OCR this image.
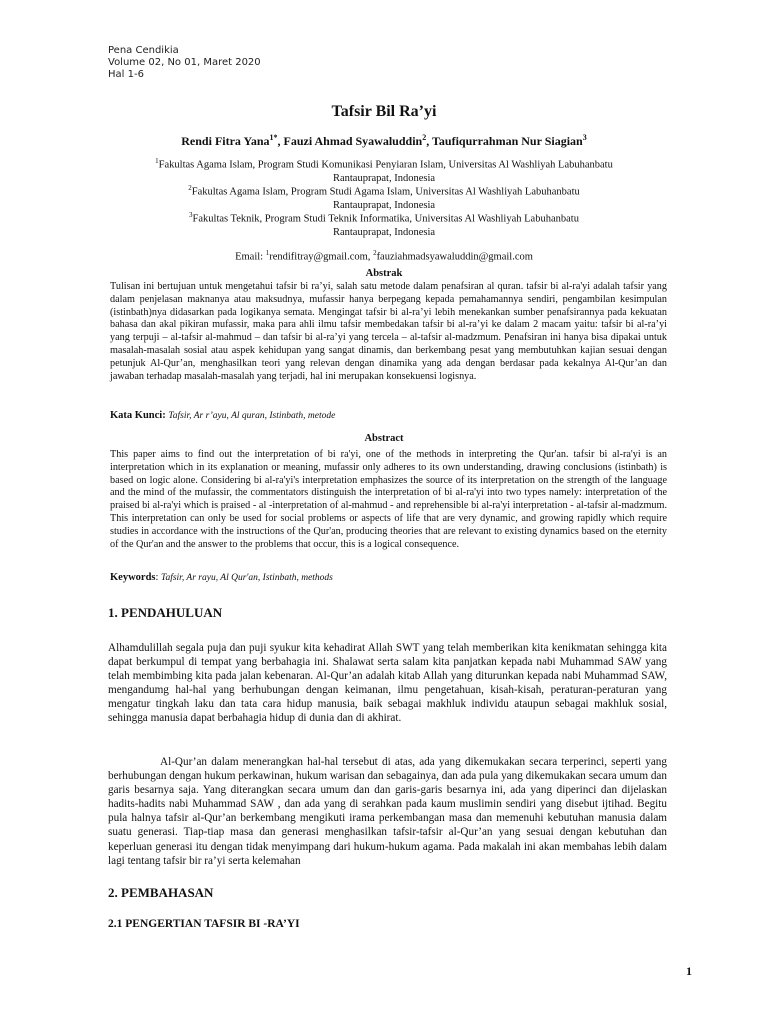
Pena Cendikia
Volume 02, No 01, Maret 2020
Hal 1-6
Tafsir Bil Ra’yi
Rendi Fitra Yana$^{1*}$, Fauzi Ahmad Syawaluddin$^2$, Taufiqurrahman Nur Siagian$^3$
$^1$Fakultas Agama Islam, Program Studi Komunikasi Penyiaran Islam, Universitas Al Washliyah Labuhanbatu
Rantauprapat, Indonesia
$^2$Fakultas Agama Islam, Program Studi Agama Islam, Universitas Al Washliyah Labuhanbatu
Rantauprapat, Indonesia
$^3$Fakultas Teknik, Program Studi Teknik Informatika, Universitas Al Washliyah Labuhanbatu
Rantauprapat, Indonesia
Email: $^1$rendifitray@gmail.com, $^2$fauziahmadsyawaluddin@gmail.com
Abstrak
Tulisan ini bertujuan untuk mengetahui tafsir bi ra’yi, salah satu metode dalam penafsiran al quran. tafsir bi al-ra'yi adalah tafsir yang dalam penjelasan maknanya atau maksudnya, mufassir hanya berpegang kepada pemahamannya sendiri, pengambilan kesimpulan (istinbath)nya didasarkan pada logikanya semata. Mengingat tafsir bi al-ra’yi lebih menekankan sumber penafsirannya pada kekuatan bahasa dan akal pikiran mufassir, maka para ahli ilmu tafsir membedakan tafsir bi al-ra’yi ke dalam 2 macam yaitu: tafsir bi al-ra’yi yang terpuji – al-tafsir al-mahmud – dan tafsir bi al-ra’yi yang tercela – al-tafsir al-madzmum. Penafsiran ini hanya bisa dipakai untuk masalah-masalah sosial atau aspek kehidupan yang sangat dinamis, dan berkembang pesat yang membutuhkan kajian sesuai dengan petunjuk Al-Qur’an, menghasilkan teori yang relevan dengan dinamika yang ada dengan berdasar pada kekalnya Al-Qur’an dan jawaban terhadap masalah-masalah yang terjadi, hal ini merupakan konsekuensi logisnya.
Kata Kunci: Tafsir, Ar r’ayu, Al quran, Istinbath, metode
Abstract
This paper aims to find out the interpretation of bi ra'yi, one of the methods in interpreting the Qur'an. tafsir bi al-ra'yi is an interpretation which in its explanation or meaning, mufassir only adheres to its own understanding, drawing conclusions (istinbath) is based on logic alone. Considering bi al-ra'yi's interpretation emphasizes the source of its interpretation on the strength of the language and the mind of the mufassir, the commentators distinguish the interpretation of bi al-ra'yi into two types namely: interpretation of the praised bi al-ra'yi which is praised - al -interpretation of al-mahmud - and reprehensible bi al-ra'yi interpretation - al-tafsir al-madzmum. This interpretation can only be used for social problems or aspects of life that are very dynamic, and growing rapidly which require studies in accordance with the instructions of the Qur'an, producing theories that are relevant to existing dynamics based on the eternity of the Qur'an and the answer to the problems that occur, this is a logical consequence.
Keywords: Tafsir, Ar rayu, Al Qur'an, Istinbath, methods
1. PENDAHULUAN
Alhamdulillah segala puja dan puji syukur kita kehadirat Allah SWT yang telah memberikan kita kenikmatan sehingga kita dapat berkumpul di tempat yang berbahagia ini. Shalawat serta salam kita panjatkan kepada nabi Muhammad SAW yang telah membimbing kita pada jalan kebenaran. Al-Qur’an adalah kitab Allah yang diturunkan kepada nabi Muhammad SAW, mengandumg hal-hal yang berhubungan dengan keimanan, ilmu pengetahuan, kisah-kisah, peraturan-peraturan yang mengatur tingkah laku dan tata cara hidup manusia, baik sebagai makhluk individu ataupun sebagai makhluk sosial, sehingga manusia dapat berbahagia hidup di dunia dan di akhirat.
Al-Qur’an dalam menerangkan hal-hal tersebut di atas, ada yang dikemukakan secara terperinci, seperti yang berhubungan dengan hukum perkawinan, hukum warisan dan sebagainya, dan ada pula yang dikemukakan secara umum dan garis besarnya saja. Yang diterangkan secara umum dan dan garis-garis besarnya ini, ada yang diperinci dan dijelaskan hadits-hadits nabi Muhammad SAW , dan ada yang di serahkan pada kaum muslimin sendiri yang disebut ijtihad. Begitu pula halnya tafsir al-Qur’an berkembang mengikuti irama perkembangan masa dan memenuhi kebutuhan manusia dalam suatu generasi. Tiap-tiap masa dan generasi menghasilkan tafsir-tafsir al-Qur’an yang sesuai dengan kebutuhan dan keperluan generasi itu dengan tidak menyimpang dari hukum-hukum agama. Pada makalah ini akan membahas lebih dalam lagi tentang tafsir bir ra’yi serta kelemahan
2. PEMBAHASAN
2.1 PENGERTIAN TAFSIR BI -RA’YI
1
